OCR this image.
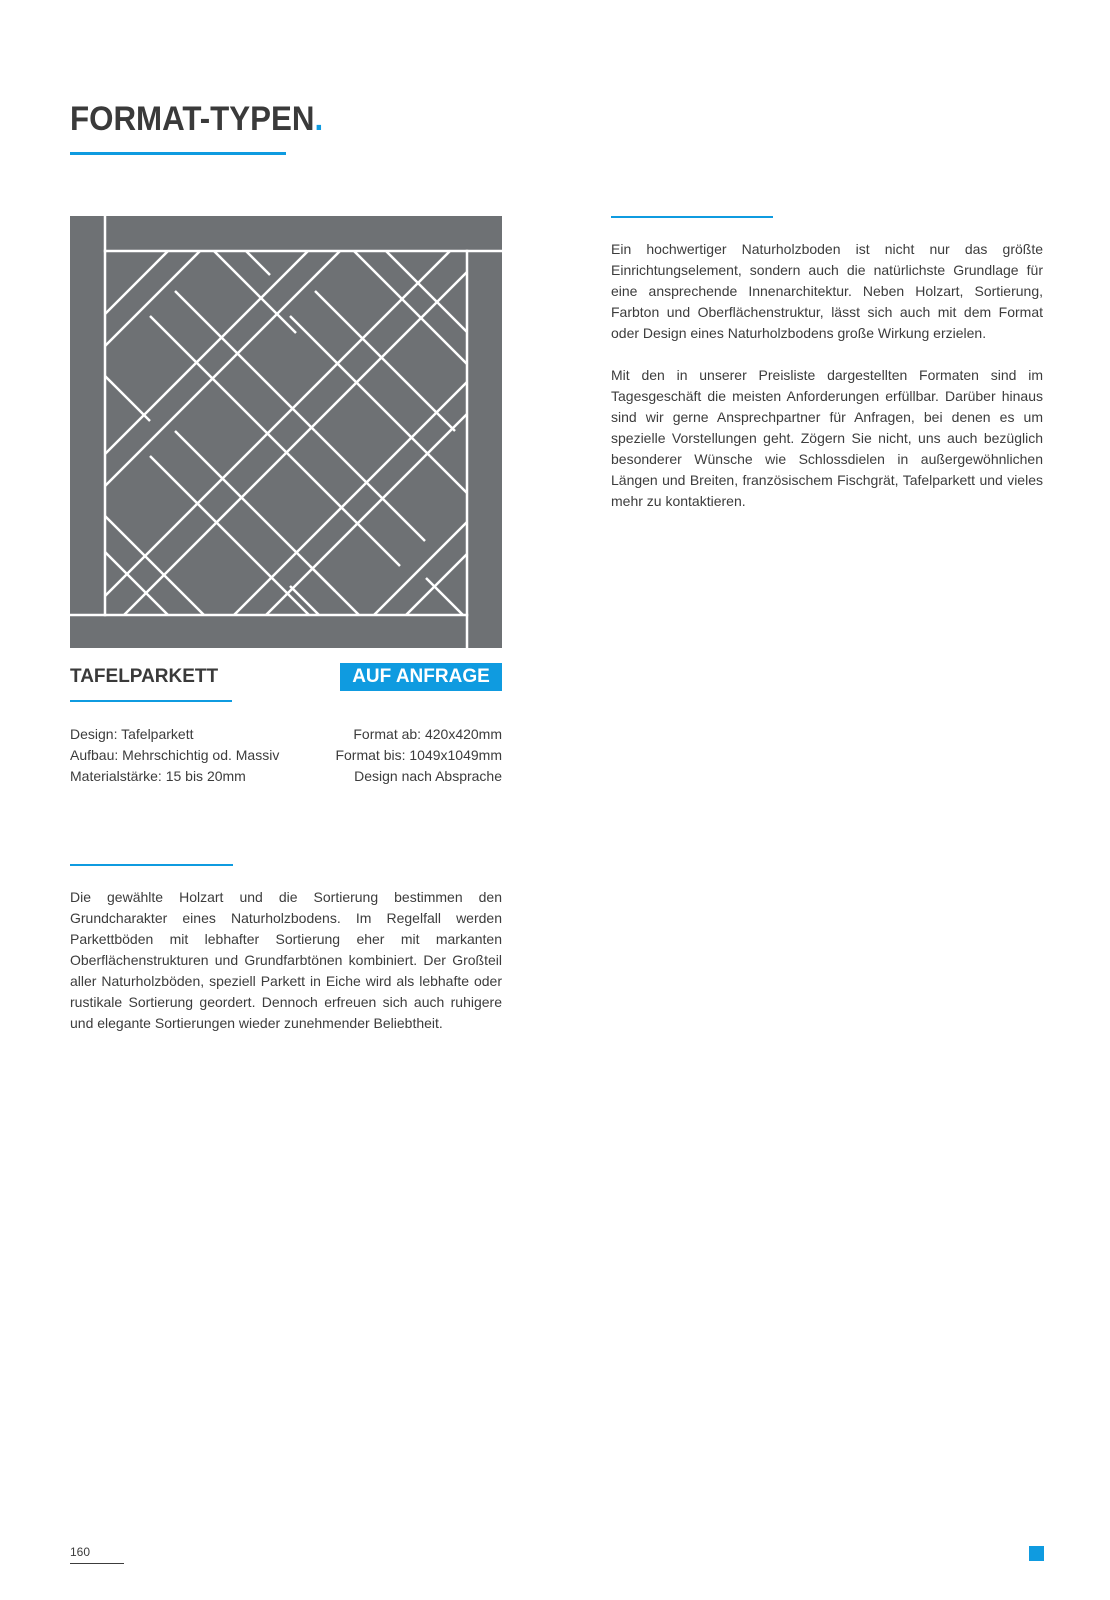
FORMAT-TYPEN.
TAFELPARKETT	AUF ANFRAGE
Design: Tafelparkett	Format ab: 420x420mm
Aufbau: Mehrschichtig od. Massiv	Format bis: 1049x1049mm
Materialstärke: 15 bis 20mm	Design nach Absprache

Die gewählte Holzart und die Sortierung bestimmen den Grundcharakter eines Naturholzbodens. Im Regelfall werden Parkettböden mit lebhafter Sortierung eher mit markanten Oberflächenstrukturen und Grundfarbtönen kombiniert. Der Großteil aller Naturholzböden, speziell Parkett in Eiche wird als lebhafte oder rustikale Sortierung geordert. Dennoch erfreuen sich auch ruhigere und elegante Sortierungen wieder zunehmender Beliebtheit.

Ein hochwertiger Naturholzboden ist nicht nur das größte Einrichtungselement, sondern auch die natürlichste Grundlage für eine ansprechende Innenarchitektur. Neben Holzart, Sortierung, Farbton und Oberflächenstruktur, lässt sich auch mit dem Format oder Design eines Naturholzbodens große Wirkung erzielen.

Mit den in unserer Preisliste dargestellten Formaten sind im Tagesgeschäft die meisten Anforderungen erfüllbar. Darüber hinaus sind wir gerne Ansprechpartner für Anfragen, bei denen es um spezielle Vorstellungen geht. Zögern Sie nicht, uns auch bezüglich besonderer Wünsche wie Schlossdielen in außergewöhnlichen Längen und Breiten, französischem Fischgrät, Tafelparkett und vieles mehr zu kontaktieren.

160
